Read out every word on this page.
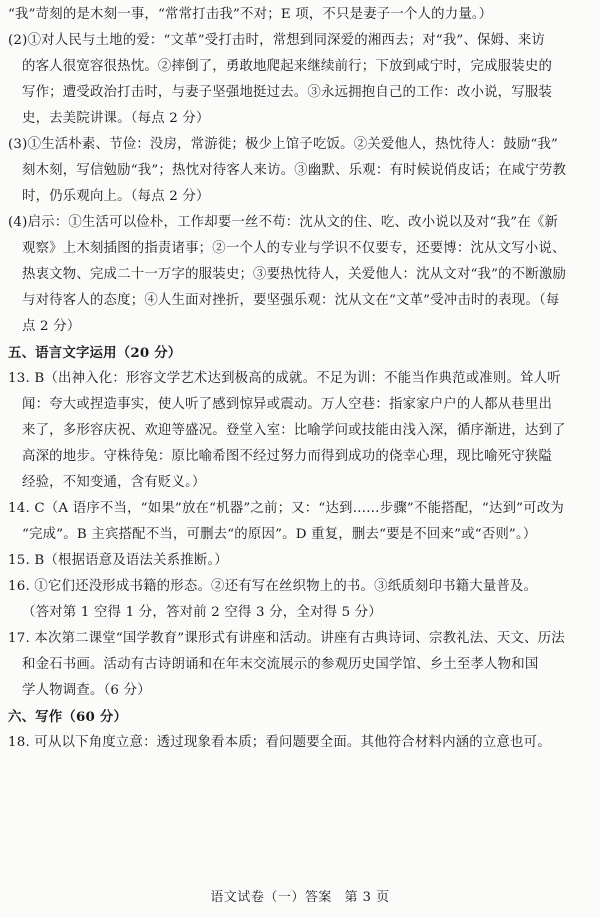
“我”苛刻的是木刻一事，“常常打击我”不对；E 项，不只是妻子一个人的力量。）
(2)①对人民与土地的爱：“文革”受打击时，常想到同深爱的湘西去；对“我”、保姆、来访
的客人很宽容很热忱。②摔倒了，勇敢地爬起来继续前行；下放到咸宁时，完成服装史的
写作；遭受政治打击时，与妻子坚强地挺过去。③永远拥抱自己的工作：改小说，写服装
史，去美院讲课。（每点 2 分）
(3)①生活朴素、节俭：没房，常游徙；极少上馆子吃饭。②关爱他人，热忱待人：鼓励“我”
刻木刻，写信勉励“我”；热忱对待客人来访。③幽默、乐观：有时候说俏皮话；在咸宁劳教
时，仍乐观向上。（每点 2 分）
(4)启示：①生活可以俭朴，工作却要一丝不苟：沈从文的住、吃、改小说以及对“我”在《新
观察》上木刻插图的指责诸事；②一个人的专业与学识不仅要专，还要博：沈从文写小说、
热衷文物、完成二十一万字的服装史；③要热忱待人，关爱他人：沈从文对“我”的不断激励
与对待客人的态度；④人生面对挫折，要坚强乐观：沈从文在“文革”受冲击时的表现。（每
点 2 分）
五、语言文字运用（20 分）
13. B（出神入化：形容文学艺术达到极高的成就。不足为训：不能当作典范或准则。耸人听
闻：夸大或捏造事实，使人听了感到惊异或震动。万人空巷：指家家户户的人都从巷里出
来了，多形容庆祝、欢迎等盛况。登堂入室：比喻学问或技能由浅入深，循序渐进，达到了
高深的地步。守株待兔：原比喻希图不经过努力而得到成功的侥幸心理，现比喻死守狭隘
经验，不知变通，含有贬义。）
14. C（A 语序不当，“如果”放在“机器”之前；又：“达到……步骤”不能搭配，“达到”可改为
“完成”。B 主宾搭配不当，可删去“的原因”。D 重复，删去“要是不回来”或“否则”。）
15. B（根据语意及语法关系推断。）
16. ①它们还没形成书籍的形态。②还有写在丝织物上的书。③纸质刻印书籍大量普及。
（答对第 1 空得 1 分，答对前 2 空得 3 分，全对得 5 分）
17. 本次第二课堂“国学教育”课形式有讲座和活动。讲座有古典诗词、宗教礼法、天文、历法
和金石书画。活动有古诗朗诵和在年末交流展示的参观历史国学馆、乡土至孝人物和国
学人物调查。（6 分）
六、写作（60 分）
18. 可从以下角度立意：透过现象看本质；看问题要全面。其他符合材料内涵的立意也可。
语文试卷（一）答案 第 3 页
